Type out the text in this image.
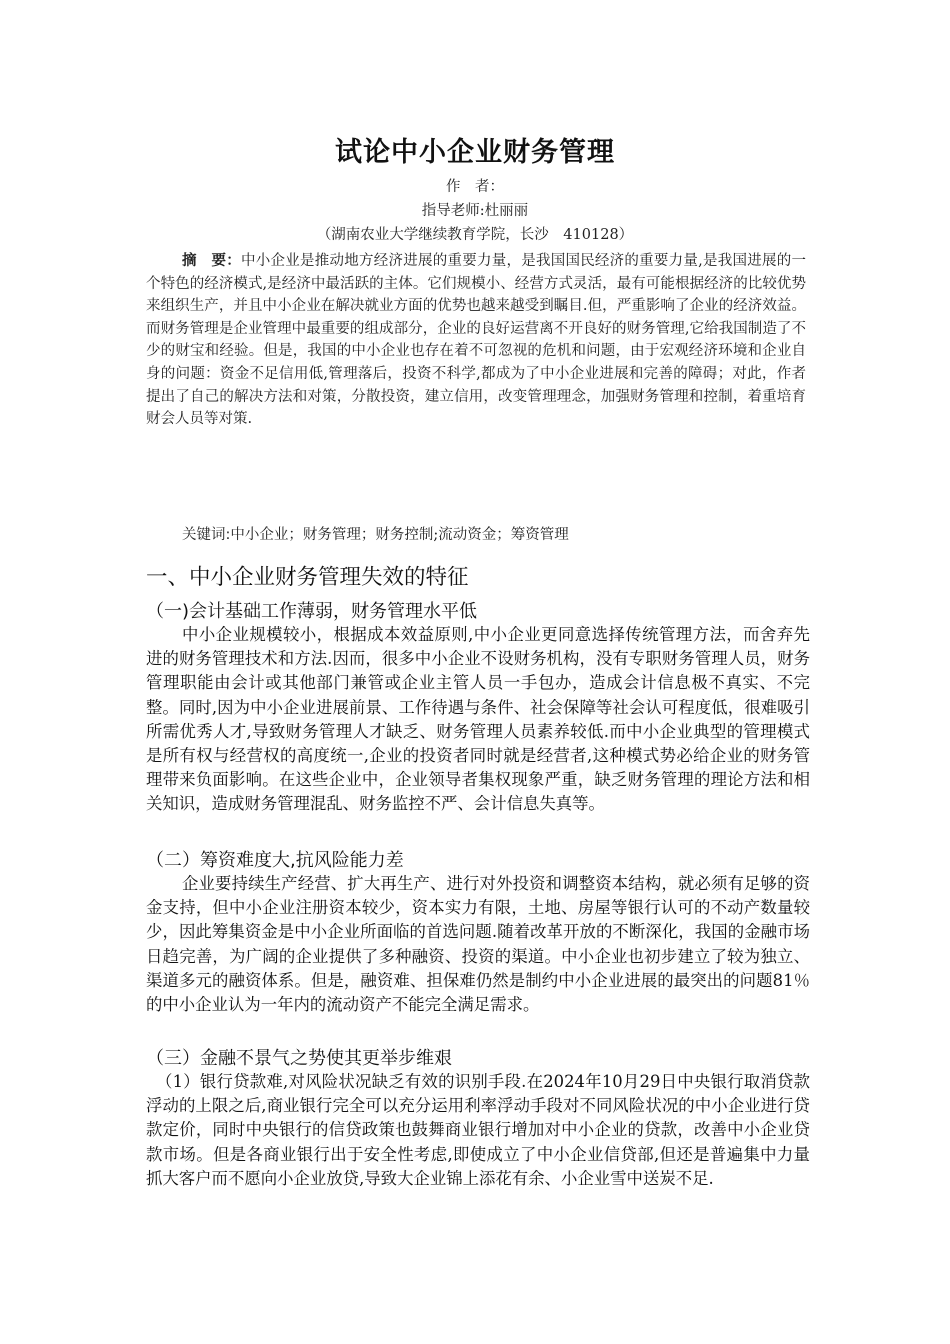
试论中小企业财务管理
作　者：
指导老师:杜丽丽
（湖南农业大学继续教育学院，长沙　410128）
摘　要：中小企业是推动地方经济进展的重要力量，是我国国民经济的重要力量,是我国进展的一个特色的经济模式,是经济中最活跃的主体。它们规模小、经营方式灵活，最有可能根据经济的比较优势来组织生产，并且中小企业在解决就业方面的优势也越来越受到瞩目.但，严重影响了企业的经济效益。而财务管理是企业管理中最重要的组成部分，企业的良好运营离不开良好的财务管理,它给我国制造了不少的财宝和经验。但是，我国的中小企业也存在着不可忽视的危机和问题，由于宏观经济环境和企业自身的问题：资金不足信用低,管理落后，投资不科学,都成为了中小企业进展和完善的障碍；对此，作者提出了自己的解决方法和对策，分散投资，建立信用，改变管理理念，加强财务管理和控制，着重培育财会人员等对策.
关键词:中小企业；财务管理；财务控制;流动资金；筹资管理
一、中小企业财务管理失效的特征
（一)会计基础工作薄弱，财务管理水平低
中小企业规模较小，根据成本效益原则,中小企业更同意选择传统管理方法，而舍弃先进的财务管理技术和方法.因而，很多中小企业不设财务机构，没有专职财务管理人员，财务管理职能由会计或其他部门兼管或企业主管人员一手包办，造成会计信息极不真实、不完整。同时,因为中小企业进展前景、工作待遇与条件、社会保障等社会认可程度低，很难吸引所需优秀人才,导致财务管理人才缺乏、财务管理人员素养较低.而中小企业典型的管理模式是所有权与经营权的高度统一,企业的投资者同时就是经营者,这种模式势必给企业的财务管理带来负面影响。在这些企业中，企业领导者集权现象严重，缺乏财务管理的理论方法和相关知识，造成财务管理混乱、财务监控不严、会计信息失真等。
（二）筹资难度大,抗风险能力差
企业要持续生产经营、扩大再生产、进行对外投资和调整资本结构，就必须有足够的资金支持，但中小企业注册资本较少，资本实力有限，土地、房屋等银行认可的不动产数量较少，因此筹集资金是中小企业所面临的首选问题.随着改革开放的不断深化，我国的金融市场日趋完善，为广阔的企业提供了多种融资、投资的渠道。中小企业也初步建立了较为独立、渠道多元的融资体系。但是，融资难、担保难仍然是制约中小企业进展的最突出的问题81％的中小企业认为一年内的流动资产不能完全满足需求。
（三）金融不景气之势使其更举步维艰
（1）银行贷款难,对风险状况缺乏有效的识别手段.在2024年10月29日中央银行取消贷款浮动的上限之后,商业银行完全可以充分运用利率浮动手段对不同风险状况的中小企业进行贷款定价，同时中央银行的信贷政策也鼓舞商业银行增加对中小企业的贷款，改善中小企业贷款市场。但是各商业银行出于安全性考虑,即使成立了中小企业信贷部,但还是普遍集中力量抓大客户而不愿向小企业放贷,导致大企业锦上添花有余、小企业雪中送炭不足.
